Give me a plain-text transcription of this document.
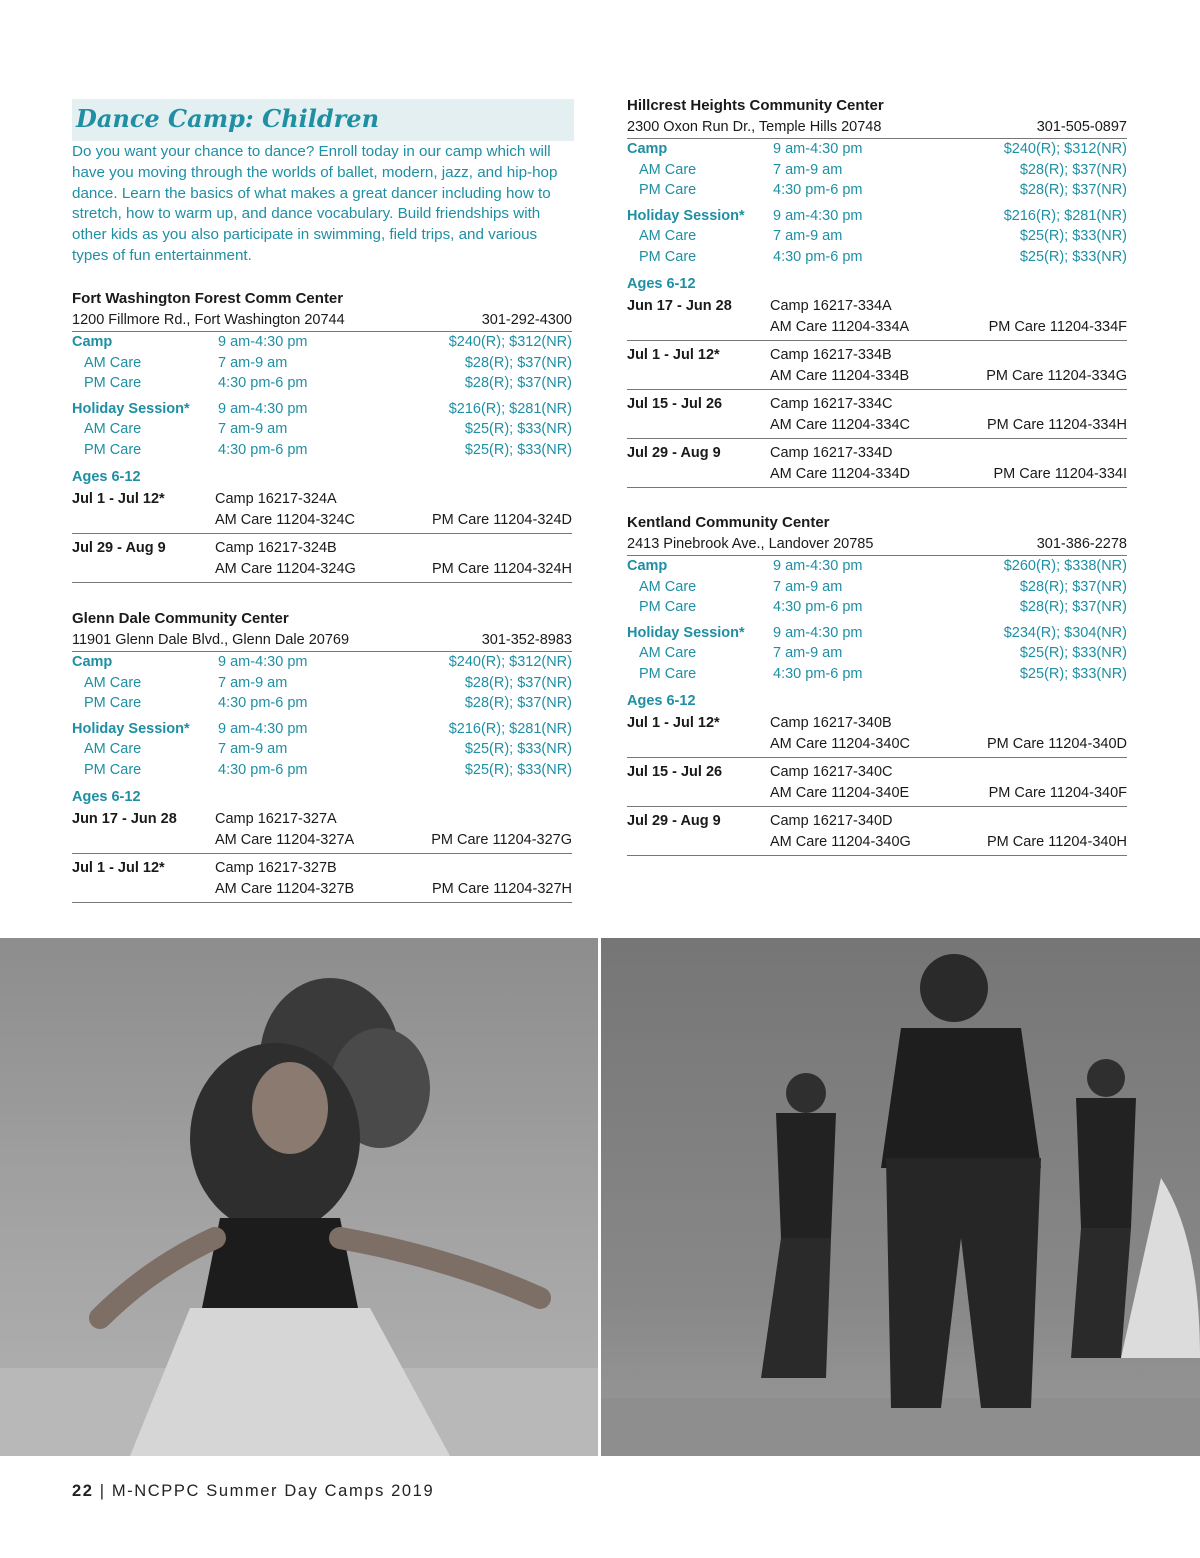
Dance Camp: Children

Do you want your chance to dance? Enroll today in our camp which will have you moving through the worlds of ballet, modern, jazz, and hip-hop dance. Learn the basics of what makes a great dancer including how to stretch, how to warm up, and dance vocabulary. Build friendships with other kids as you also participate in swimming, field trips, and various types of fun entertainment.

Fort Washington Forest Comm Center
1200 Fillmore Rd., Fort Washington 20744	301-292-4300
Camp	9 am-4:30 pm	$240(R); $312(NR)
AM Care	7 am-9 am	$28(R); $37(NR)
PM Care	4:30 pm-6 pm	$28(R); $37(NR)
Holiday Session*	9 am-4:30 pm	$216(R); $281(NR)
AM Care	7 am-9 am	$25(R); $33(NR)
PM Care	4:30 pm-6 pm	$25(R); $33(NR)
Ages 6-12
Jul 1 - Jul 12*	Camp 16217-324A
AM Care 11204-324C	PM Care 11204-324D
Jul 29 - Aug 9	Camp 16217-324B
AM Care 11204-324G	PM Care 11204-324H
Glenn Dale Community Center
11901 Glenn Dale Blvd., Glenn Dale 20769	301-352-8983
Camp	9 am-4:30 pm	$240(R); $312(NR)
AM Care	7 am-9 am	$28(R); $37(NR)
PM Care	4:30 pm-6 pm	$28(R); $37(NR)
Holiday Session*	9 am-4:30 pm	$216(R); $281(NR)
AM Care	7 am-9 am	$25(R); $33(NR)
PM Care	4:30 pm-6 pm	$25(R); $33(NR)
Ages 6-12
Jun 17 - Jun 28	Camp 16217-327A
AM Care 11204-327A	PM Care 11204-327G
Jul 1 - Jul 12*	Camp 16217-327B
AM Care 11204-327B	PM Care 11204-327H
Hillcrest Heights Community Center
2300 Oxon Run Dr., Temple Hills 20748	301-505-0897
Camp	9 am-4:30 pm	$240(R); $312(NR)
AM Care	7 am-9 am	$28(R); $37(NR)
PM Care	4:30 pm-6 pm	$28(R); $37(NR)
Holiday Session*	9 am-4:30 pm	$216(R); $281(NR)
AM Care	7 am-9 am	$25(R); $33(NR)
PM Care	4:30 pm-6 pm	$25(R); $33(NR)
Ages 6-12
Jun 17 - Jun 28	Camp 16217-334A
AM Care 11204-334A	PM Care 11204-334F
Jul 1 - Jul 12*	Camp 16217-334B
AM Care 11204-334B	PM Care 11204-334G
Jul 15 - Jul 26	Camp 16217-334C
AM Care 11204-334C	PM Care 11204-334H
Jul 29 - Aug 9	Camp 16217-334D
AM Care 11204-334D	PM Care 11204-334I
Kentland Community Center
2413 Pinebrook Ave., Landover 20785	301-386-2278
Camp	9 am-4:30 pm	$260(R); $338(NR)
AM Care	7 am-9 am	$28(R); $37(NR)
PM Care	4:30 pm-6 pm	$28(R); $37(NR)
Holiday Session*	9 am-4:30 pm	$234(R); $304(NR)
AM Care	7 am-9 am	$25(R); $33(NR)
PM Care	4:30 pm-6 pm	$25(R); $33(NR)
Ages 6-12
Jul 1 - Jul 12*	Camp 16217-340B
AM Care 11204-340C	PM Care 11204-340D
Jul 15 - Jul 26	Camp 16217-340C
AM Care 11204-340E	PM Care 11204-340F
Jul 29 - Aug 9	Camp 16217-340D
AM Care 11204-340G	PM Care 11204-340H
22 | M-NCPPC Summer Day Camps 2019
